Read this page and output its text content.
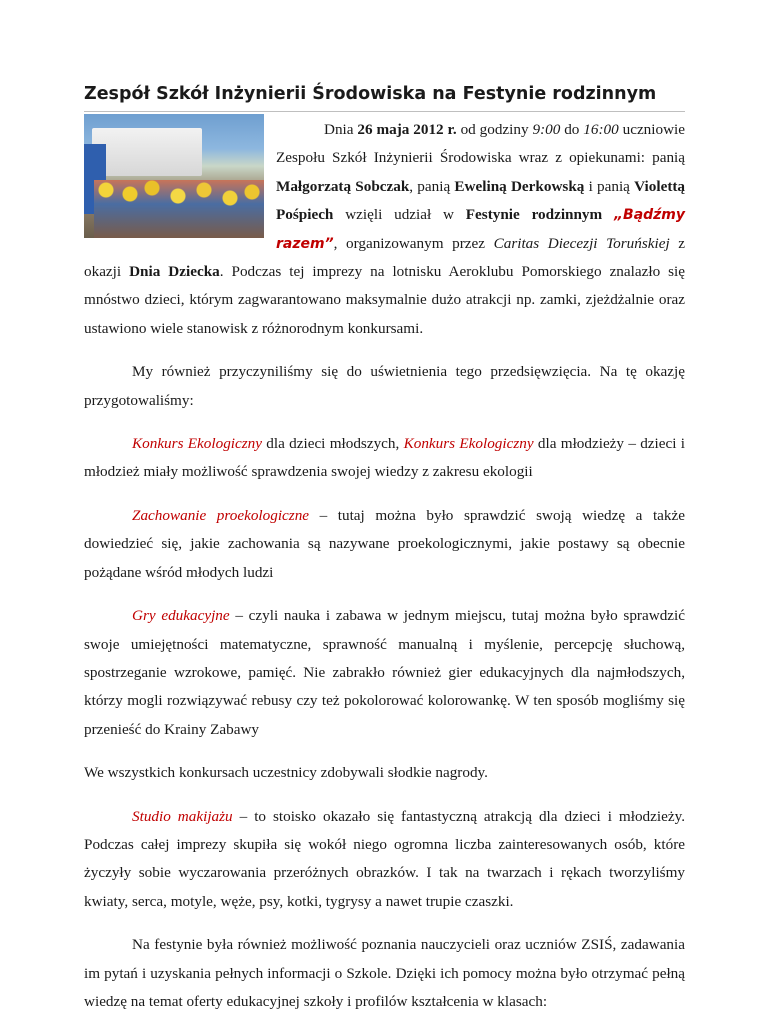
Zespół Szkół Inżynierii Środowiska na Festynie rodzinnym

Dnia 26 maja 2012 r. od godziny 9:00 do 16:00 uczniowie Zespołu Szkół Inżynierii Środowiska wraz z opiekunami: panią Małgorzatą Sobczak, panią Eweliną Derkowską i panią Violettą Pośpiech wzięli udział w Festynie rodzinnym „Bądźmy razem”, organizowanym przez Caritas Diecezji Toruńskiej z okazji Dnia Dziecka. Podczas tej imprezy na lotnisku Aeroklubu Pomorskiego znalazło się mnóstwo dzieci, którym zagwarantowano maksymalnie dużo atrakcji np. zamki, zjeżdżalnie oraz ustawiono wiele stanowisk z różnorodnym konkursami.

My również przyczyniliśmy się do uświetnienia tego przedsięwzięcia. Na tę okazję przygotowaliśmy:

Konkurs Ekologiczny dla dzieci młodszych, Konkurs Ekologiczny dla młodzieży – dzieci i młodzież miały możliwość sprawdzenia swojej wiedzy z zakresu ekologii

Zachowanie proekologiczne – tutaj można było sprawdzić swoją wiedzę a także dowiedzieć się, jakie zachowania są nazywane proekologicznymi, jakie postawy są obecnie pożądane wśród młodych ludzi

Gry edukacyjne – czyli nauka i zabawa w jednym miejscu, tutaj można było sprawdzić swoje umiejętności matematyczne, sprawność manualną i myślenie, percepcję słuchową, spostrzeganie wzrokowe, pamięć. Nie zabrakło również gier edukacyjnych dla najmłodszych, którzy mogli rozwiązywać rebusy czy też pokolorować kolorowankę. W ten sposób mogliśmy się przenieść do Krainy Zabawy

We wszystkich konkursach uczestnicy zdobywali słodkie nagrody.

Studio makijażu – to stoisko okazało się fantastyczną atrakcją dla dzieci i młodzieży. Podczas całej imprezy skupiła się wokół niego ogromna liczba zainteresowanych osób, które życzyły sobie wyczarowania przeróżnych obrazków. I tak na twarzach i rękach tworzyliśmy kwiaty, serca, motyle, węże, psy, kotki, tygrysy a nawet trupie czaszki.

Na festynie była również możliwość poznania nauczycieli oraz uczniów ZSIŚ, zadawania im pytań i uzyskania pełnych informacji o Szkole. Dzięki ich pomocy można było otrzymać pełną wiedzę na temat oferty edukacyjnej szkoły i profilów kształcenia w klasach:
